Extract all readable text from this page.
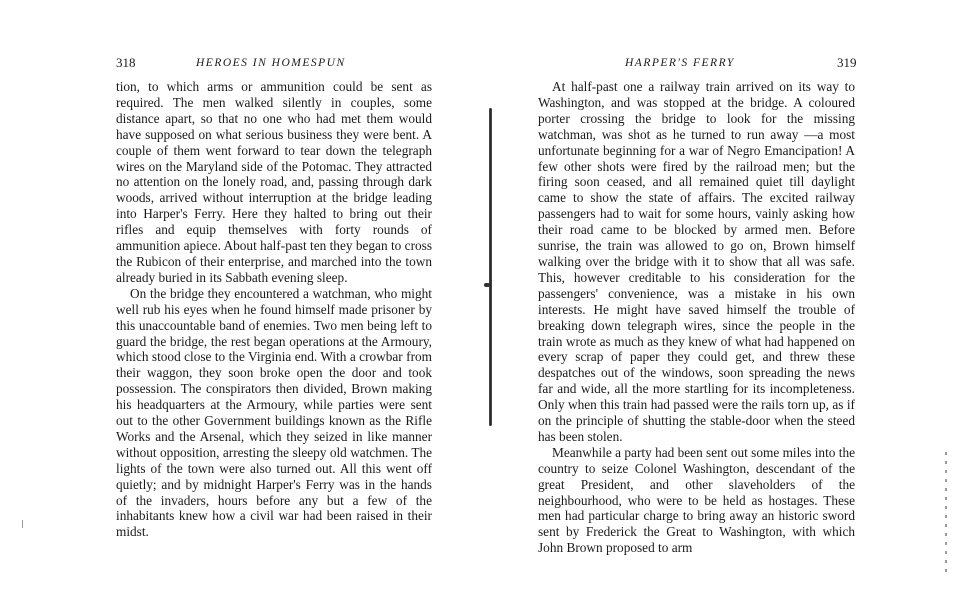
318	HEROES IN HOMESPUN

tion, to which arms or ammunition could be sent as required. The men walked silently in couples, some distance apart, so that no one who had met them would have supposed on what serious business they were bent. A couple of them went forward to tear down the telegraph wires on the Maryland side of the Potomac. They attracted no attention on the lonely road, and, passing through dark woods, arrived without interruption at the bridge leading into Harper's Ferry. Here they halted to bring out their rifles and equip themselves with forty rounds of ammunition apiece. About half-past ten they began to cross the Rubicon of their enterprise, and marched into the town already buried in its Sabbath evening sleep.

On the bridge they encountered a watchman, who might well rub his eyes when he found himself made prisoner by this unaccountable band of enemies. Two men being left to guard the bridge, the rest began operations at the Armoury, which stood close to the Virginia end. With a crowbar from their waggon, they soon broke open the door and took possession. The conspirators then divided, Brown making his headquarters at the Armoury, while parties were sent out to the other Government buildings known as the Rifle Works and the Arsenal, which they seized in like manner without opposition, arresting the sleepy old watchmen. The lights of the town were also turned out. All this went off quietly; and by midnight Harper's Ferry was in the hands of the invaders, hours before any but a few of the inhabitants knew how a civil war had been raised in their midst.

HARPER'S FERRY	319

At half-past one a railway train arrived on its way to Washington, and was stopped at the bridge. A coloured porter crossing the bridge to look for the missing watchman, was shot as he turned to run away —a most unfortunate beginning for a war of Negro Emancipation! A few other shots were fired by the railroad men; but the firing soon ceased, and all remained quiet till daylight came to show the state of affairs. The excited railway passengers had to wait for some hours, vainly asking how their road came to be blocked by armed men. Before sunrise, the train was allowed to go on, Brown himself walking over the bridge with it to show that all was safe. This, however creditable to his consideration for the passengers' convenience, was a mistake in his own interests. He might have saved himself the trouble of breaking down telegraph wires, since the people in the train wrote as much as they knew of what had happened on every scrap of paper they could get, and threw these despatches out of the windows, soon spreading the news far and wide, all the more startling for its incompleteness. Only when this train had passed were the rails torn up, as if on the principle of shutting the stable-door when the steed has been stolen.

Meanwhile a party had been sent out some miles into the country to seize Colonel Washington, descendant of the great President, and other slaveholders of the neighbourhood, who were to be held as hostages. These men had particular charge to bring away an historic sword sent by Frederick the Great to Washington, with which John Brown proposed to arm
